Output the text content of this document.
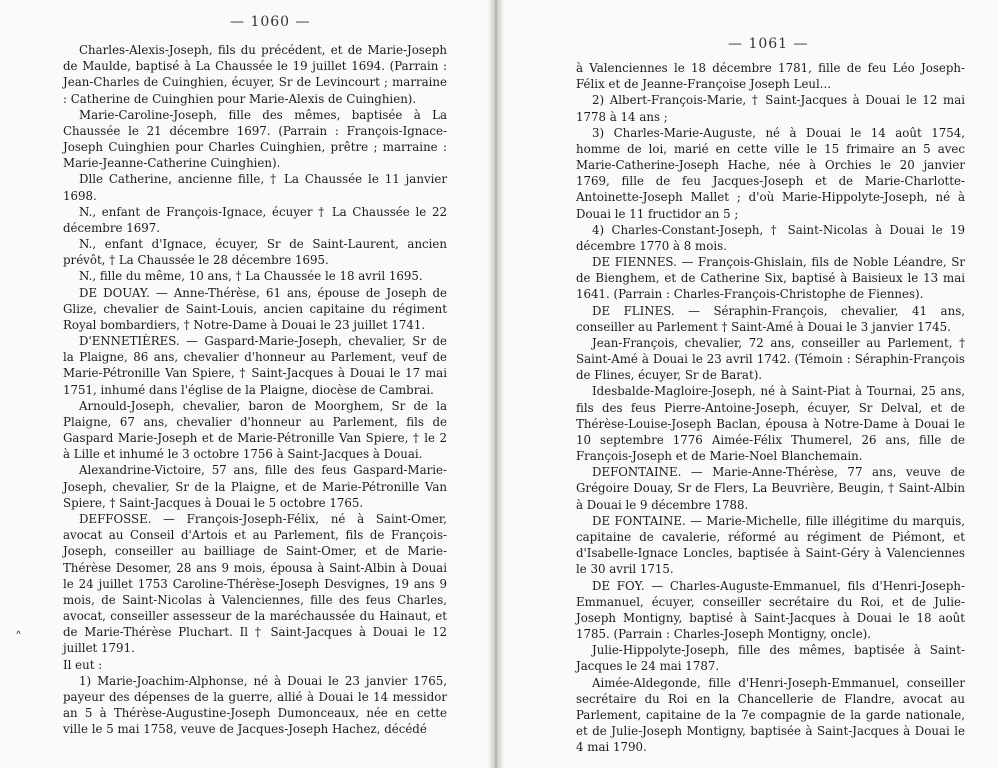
— 1060 —

Charles-Alexis-Joseph, fils du précédent, et de Marie-Joseph de Maulde, baptisé à La Chaussée le 19 juillet 1694. (Parrain : Jean-Charles de Cuinghien, écuyer, Sr de Levincourt ; marraine : Catherine de Cuinghien pour Marie-Alexis de Cuinghien).

Marie-Caroline-Joseph, fille des mêmes, baptisée à La Chaussée le 21 décembre 1697. (Parrain : François-Ignace-Joseph Cuinghien pour Charles Cuinghien, prêtre ; marraine : Marie-Jeanne-Catherine Cuinghien).

Dlle Catherine, ancienne fille, † La Chaussée le 11 janvier 1698.

N., enfant de François-Ignace, écuyer † La Chaussée le 22 décembre 1697.

N., enfant d'Ignace, écuyer, Sr de Saint-Laurent, ancien prévôt, † La Chaussée le 28 décembre 1695.

N., fille du même, 10 ans, † La Chaussée le 18 avril 1695.

DE DOUAY. — Anne-Thérèse, 61 ans, épouse de Joseph de Glize, chevalier de Saint-Louis, ancien capitaine du régiment Royal bombardiers, † Notre-Dame à Douai le 23 juillet 1741.

D'ENNETIÈRES. — Gaspard-Marie-Joseph, chevalier, Sr de la Plaigne, 86 ans, chevalier d'honneur au Parlement, veuf de Marie-Pétronille Van Spiere, † Saint-Jacques à Douai le 17 mai 1751, inhumé dans l'église de la Plaigne, diocèse de Cambrai.

Arnould-Joseph, chevalier, baron de Moorghem, Sr de la Plaigne, 67 ans, chevalier d'honneur au Parlement, fils de Gaspard Marie-Joseph et de Marie-Pétronille Van Spiere, † le 2 à Lille et inhumé le 3 octobre 1756 à Saint-Jacques à Douai.

Alexandrine-Victoire, 57 ans, fille des feus Gaspard-Marie-Joseph, chevalier, Sr de la Plaigne, et de Marie-Pétronille Van Spiere, † Saint-Jacques à Douai le 5 octobre 1765.

DEFFOSSE. — François-Joseph-Félix, né à Saint-Omer, avocat au Conseil d'Artois et au Parlement, fils de François-Joseph, conseiller au bailliage de Saint-Omer, et de Marie-Thérèse Desomer, 28 ans 9 mois, épousa à Saint-Albin à Douai le 24 juillet 1753 Caroline-Thérèse-Joseph Desvignes, 19 ans 9 mois, de Saint-Nicolas à Valenciennes, fille des feus Charles, avocat, conseiller assesseur de la maréchaussée du Hainaut, et de Marie-Thérèse Pluchart. Il † Saint-Jacques à Douai le 12 juillet 1791.

Il eut :

1) Marie-Joachim-Alphonse, né à Douai le 23 janvier 1765, payeur des dépenses de la guerre, allié à Douai le 14 messidor an 5 à Thérèse-Augustine-Joseph Dumonceaux, née en cette ville le 5 mai 1758, veuve de Jacques-Joseph Hachez, décédé

˄
— 1061 —

à Valenciennes le 18 décembre 1781, fille de feu Léo Joseph-Félix et de Jeanne-Françoise Joseph Leul...

2) Albert-François-Marie, † Saint-Jacques à Douai le 12 mai 1778 à 14 ans ;

3) Charles-Marie-Auguste, né à Douai le 14 août 1754, homme de loi, marié en cette ville le 15 frimaire an 5 avec Marie-Catherine-Joseph Hache, née à Orchies le 20 janvier 1769, fille de feu Jacques-Joseph et de Marie-Charlotte-Antoinette-Joseph Mallet ; d'où Marie-Hippolyte-Joseph, né à Douai le 11 fructidor an 5 ;

4) Charles-Constant-Joseph, † Saint-Nicolas à Douai le 19 décembre 1770 à 8 mois.

DE FIENNES. — François-Ghislain, fils de Noble Léandre, Sr de Bienghem, et de Catherine Six, baptisé à Baisieux le 13 mai 1641. (Parrain : Charles-François-Christophe de Fiennes).

DE FLINES. — Séraphin-François, chevalier, 41 ans, conseiller au Parlement † Saint-Amé à Douai le 3 janvier 1745.

Jean-François, chevalier, 72 ans, conseiller au Parlement, † Saint-Amé à Douai le 23 avril 1742. (Témoin : Séraphin-François de Flines, écuyer, Sr de Barat).

Idesbalde-Magloire-Joseph, né à Saint-Piat à Tournai, 25 ans, fils des feus Pierre-Antoine-Joseph, écuyer, Sr Delval, et de Thérèse-Louise-Joseph Baclan, épousa à Notre-Dame à Douai le 10 septembre 1776 Aimée-Félix Thumerel, 26 ans, fille de François-Joseph et de Marie-Noel Blanchemain.

DEFONTAINE. — Marie-Anne-Thérèse, 77 ans, veuve de Grégoire Douay, Sr de Flers, La Beuvrière, Beugin, † Saint-Albin à Douai le 9 décembre 1788.

DE FONTAINE. — Marie-Michelle, fille illégitime du marquis, capitaine de cavalerie, réformé au régiment de Piémont, et d'Isabelle-Ignace Loncles, baptisée à Saint-Géry à Valenciennes le 30 avril 1715.

DE FOY. — Charles-Auguste-Emmanuel, fils d'Henri-Joseph-Emmanuel, écuyer, conseiller secrétaire du Roi, et de Julie-Joseph Montigny, baptisé à Saint-Jacques à Douai le 18 août 1785. (Parrain : Charles-Joseph Montigny, oncle).

Julie-Hippolyte-Joseph, fille des mêmes, baptisée à Saint-Jacques le 24 mai 1787.

Aimée-Aldegonde, fille d'Henri-Joseph-Emmanuel, conseiller secrétaire du Roi en la Chancellerie de Flandre, avocat au Parlement, capitaine de la 7e compagnie de la garde nationale, et de Julie-Joseph Montigny, baptisée à Saint-Jacques à Douai le 4 mai 1790.
